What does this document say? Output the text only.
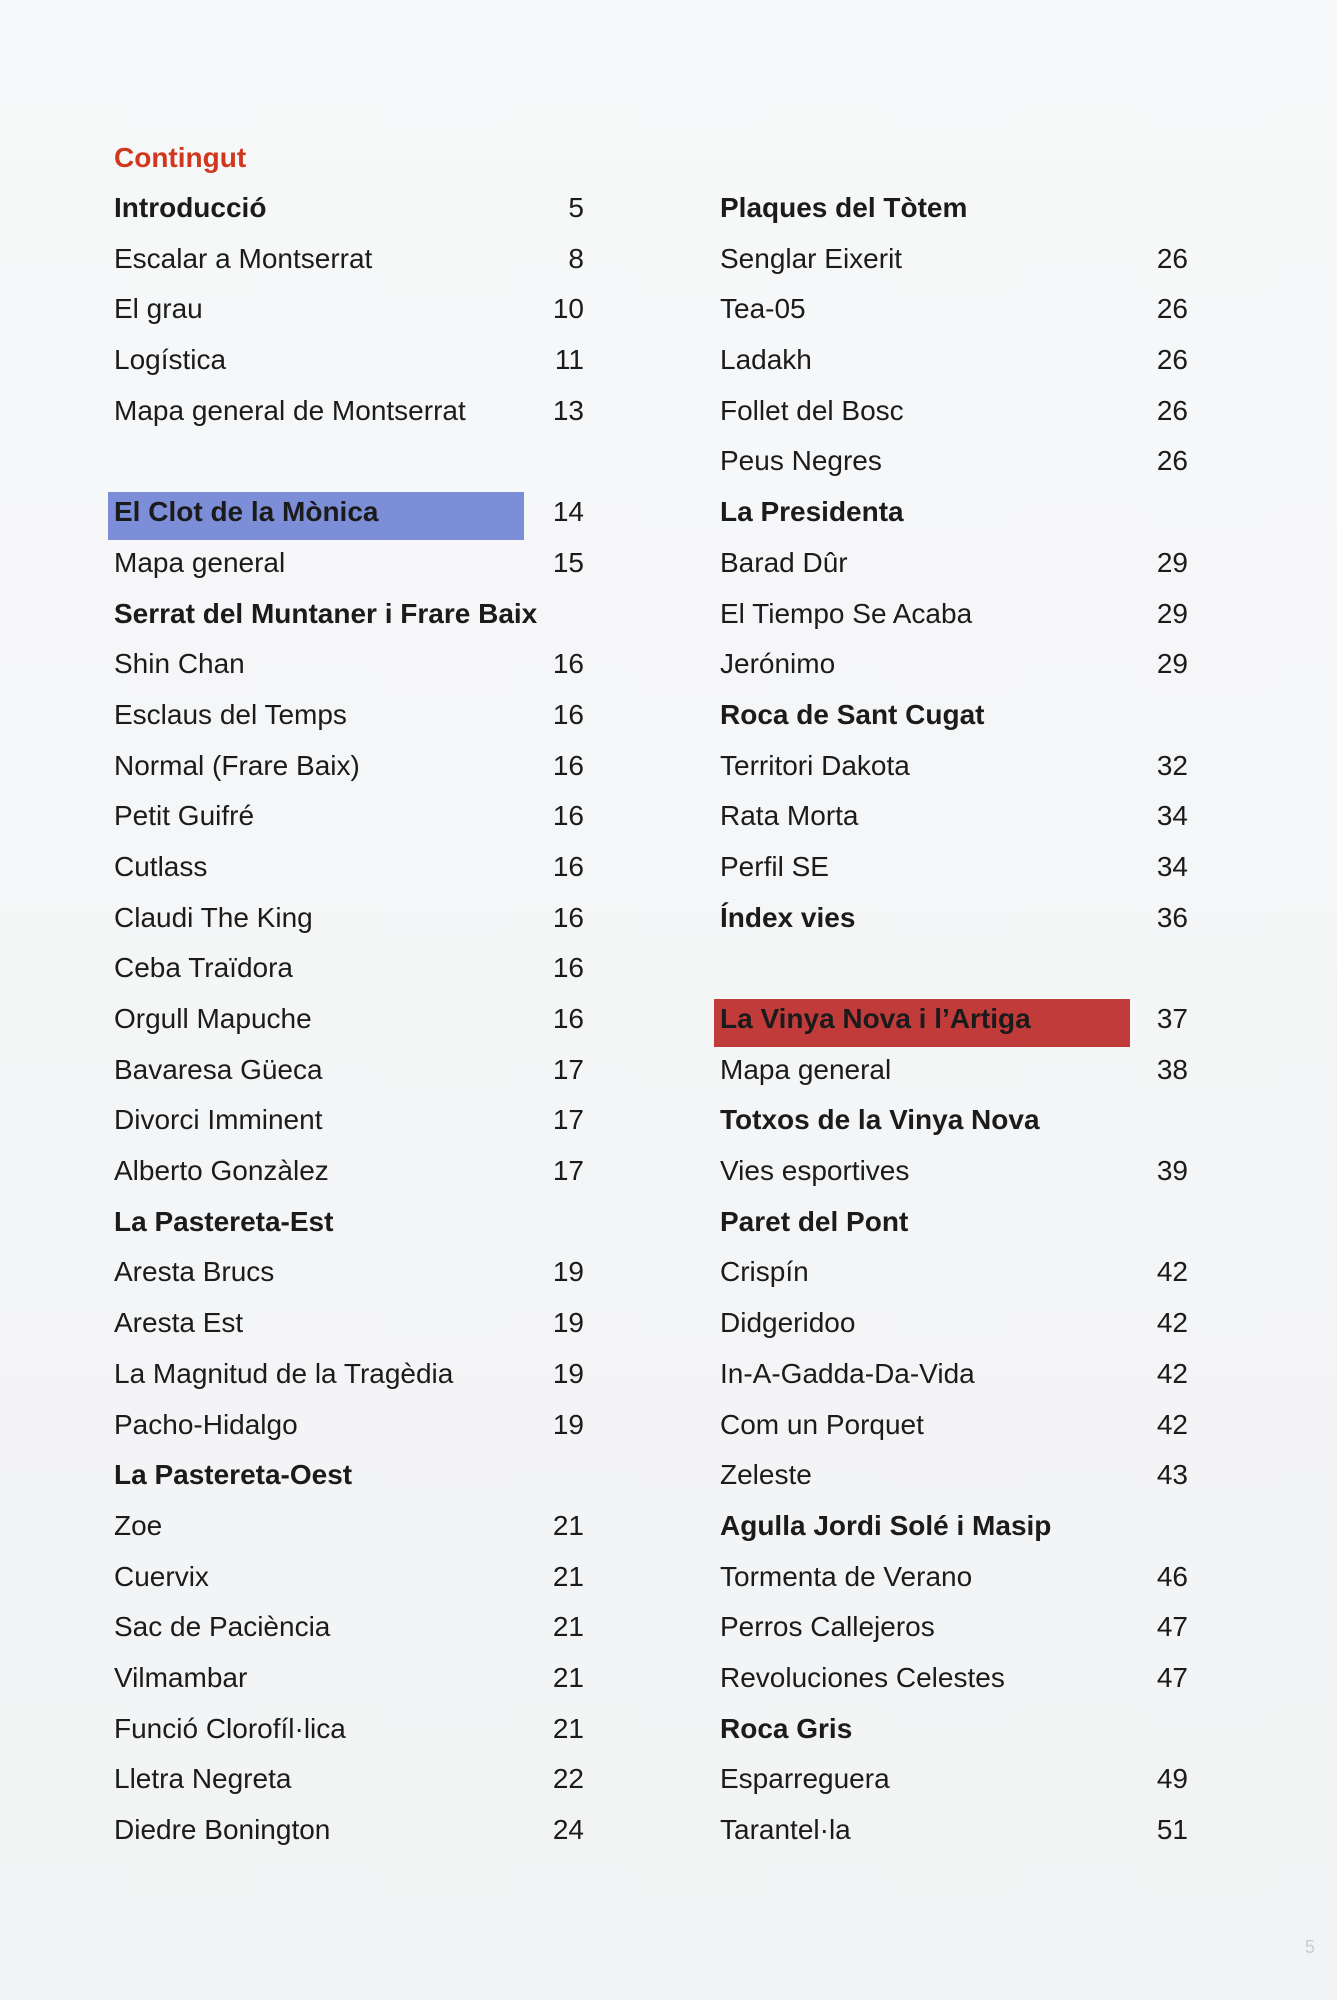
Contingut
Introducció	5
Escalar a Montserrat	8
El grau	10
Logística	11
Mapa general de Montserrat	13
El Clot de la Mònica	14
Mapa general	15
Serrat del Muntaner i Frare Baix
Shin Chan	16
Esclaus del Temps	16
Normal (Frare Baix)	16
Petit Guifré	16
Cutlass	16
Claudi The King	16
Ceba Traïdora	16
Orgull Mapuche	16
Bavaresa Güeca	17
Divorci Imminent	17
Alberto Gonzàlez	17
La Pastereta-Est
Aresta Brucs	19
Aresta Est	19
La Magnitud de la Tragèdia	19
Pacho-Hidalgo	19
La Pastereta-Oest
Zoe	21
Cuervix	21
Sac de Paciència	21
Vilmambar	21
Funció Clorofíl·lica	21
Lletra Negreta	22
Diedre Bonington	24
Plaques del Tòtem
Senglar Eixerit	26
Tea-05	26
Ladakh	26
Follet del Bosc	26
Peus Negres	26
La Presidenta
Barad Dûr	29
El Tiempo Se Acaba	29
Jerónimo	29
Roca de Sant Cugat
Territori Dakota	32
Rata Morta	34
Perfil SE	34
Índex vies	36
La Vinya Nova i l’Artiga	37
Mapa general	38
Totxos de la Vinya Nova
Vies esportives	39
Paret del Pont
Crispín	42
Didgeridoo	42
In-A-Gadda-Da-Vida	42
Com un Porquet	42
Zeleste	43
Agulla Jordi Solé i Masip
Tormenta de Verano	46
Perros Callejeros	47
Revoluciones Celestes	47
Roca Gris
Esparreguera	49
Tarantel·la	51
5
